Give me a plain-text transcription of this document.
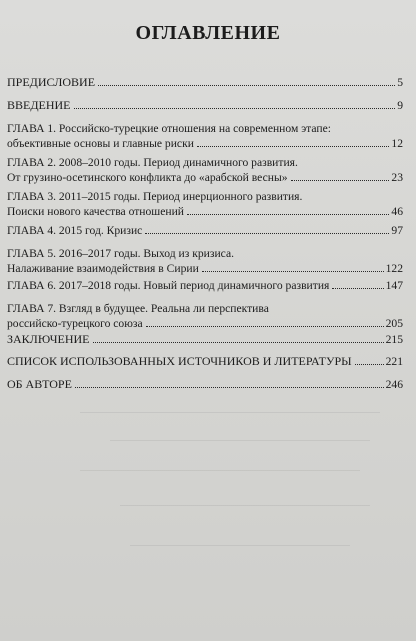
ОГЛАВЛЕНИЕ
ПРЕДИСЛОВИЕ	5
ВВЕДЕНИЕ	9
ГЛАВА 1. Российско-турецкие отношения на современном этапе:
объективные основы и главные риски	12
ГЛАВА 2. 2008–2010 годы. Период динамичного развития.
От грузино-осетинского конфликта до «арабской весны»	23
ГЛАВА 3. 2011–2015 годы. Период инерционного развития.
Поиски нового качества отношений	46
ГЛАВА 4. 2015 год. Кризис	97
ГЛАВА 5. 2016–2017 годы. Выход из кризиса.
Налаживание взаимодействия в Сирии	122
ГЛАВА 6. 2017–2018 годы. Новый период динамичного развития	147
ГЛАВА 7. Взгляд в будущее. Реальна ли перспектива
российско-турецкого союза	205
ЗАКЛЮЧЕНИЕ	215
СПИСОК ИСПОЛЬЗОВАННЫХ ИСТОЧНИКОВ И ЛИТЕРАТУРЫ	221
ОБ АВТОРЕ	246
